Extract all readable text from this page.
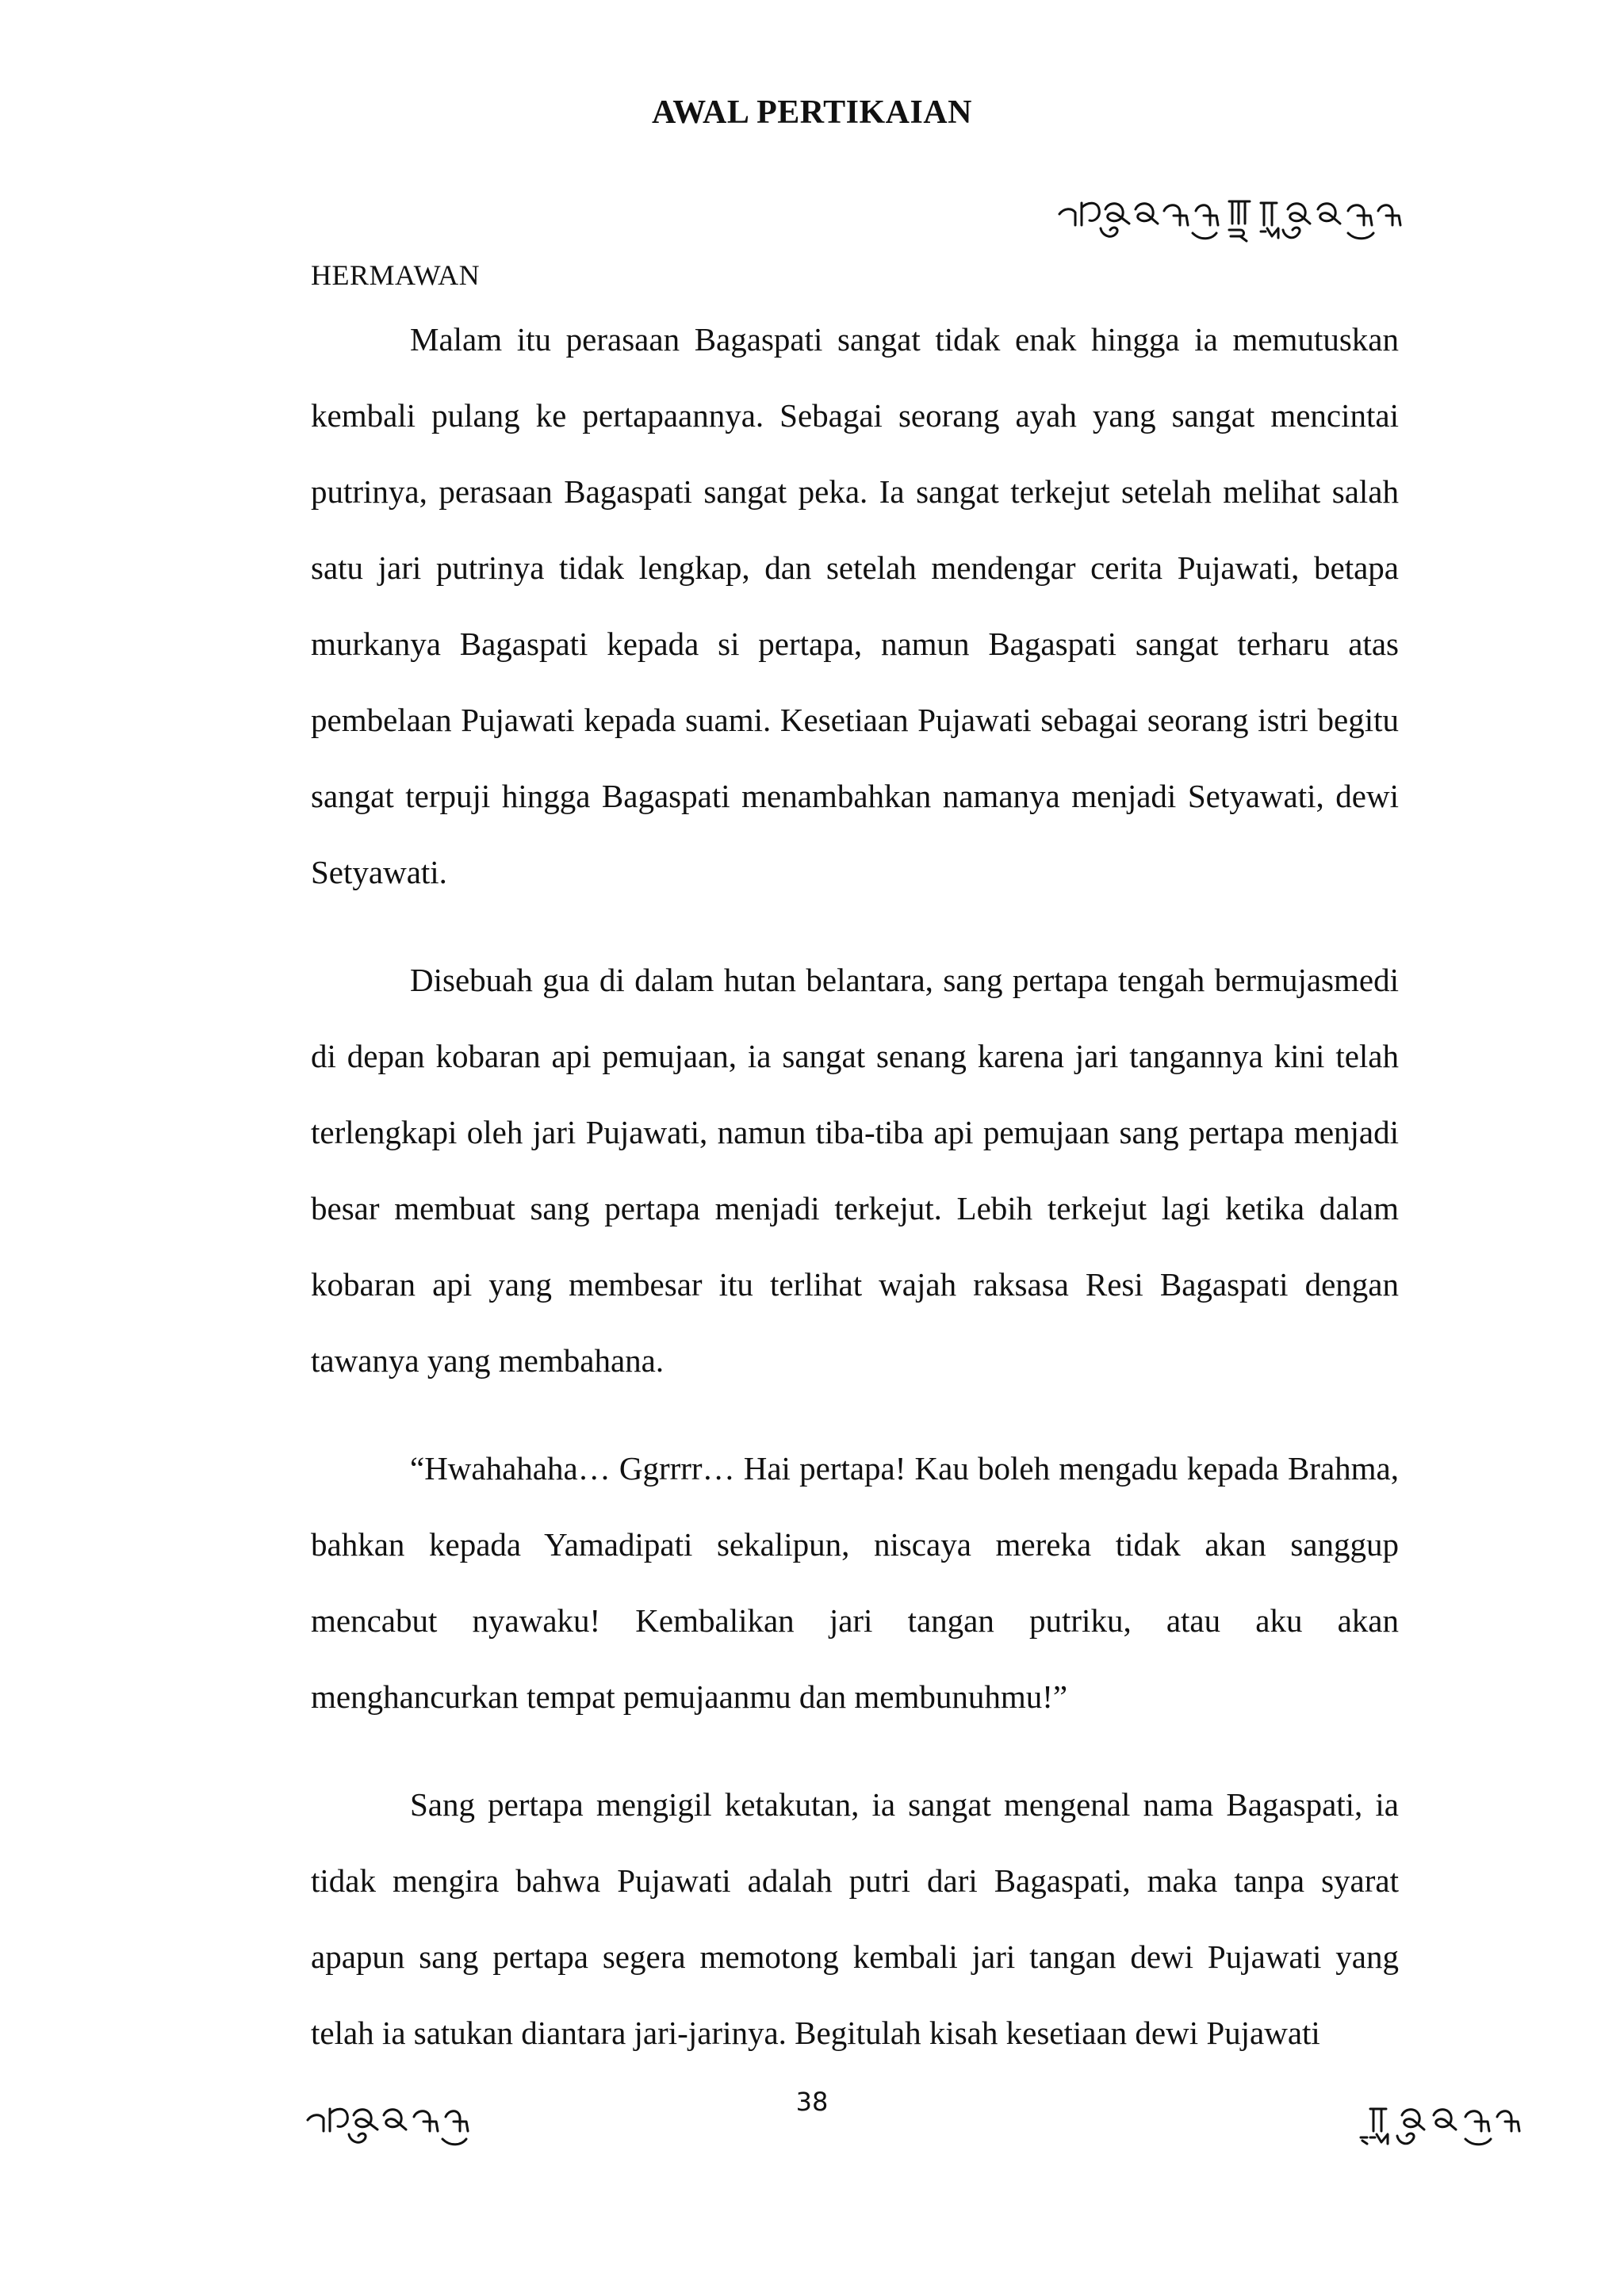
AWAL PERTIKAIAN
HERMAWAN

Malam itu perasaan Bagaspati sangat tidak enak hingga ia memutuskan kembali pulang ke pertapaannya. Sebagai seorang ayah yang sangat mencintai putrinya, perasaan Bagaspati sangat peka. Ia sangat terkejut setelah melihat salah satu jari putrinya tidak lengkap, dan setelah mendengar cerita Pujawati, betapa murkanya Bagaspati kepada si pertapa, namun Bagaspati sangat terharu atas pembelaan Pujawati kepada suami. Kesetiaan Pujawati sebagai seorang istri begitu sangat terpuji hingga Bagaspati menambahkan namanya menjadi Setyawati, dewi Setyawati.

Disebuah gua di dalam hutan belantara, sang pertapa tengah bermujasmedi di depan kobaran api pemujaan, ia sangat senang karena jari tangannya kini telah terlengkapi oleh jari Pujawati, namun tiba-tiba api pemujaan sang pertapa menjadi besar membuat sang pertapa menjadi terkejut. Lebih terkejut lagi ketika dalam kobaran api yang membesar itu terlihat wajah raksasa Resi Bagaspati dengan tawanya yang membahana.

“Hwahahaha… Ggrrrr… Hai pertapa! Kau boleh mengadu kepada Brahma, bahkan kepada Yamadipati sekalipun, niscaya mereka tidak akan sanggup mencabut nyawaku! Kembalikan jari tangan putriku, atau aku akan menghancurkan tempat pemujaanmu dan membunuhmu!”

Sang pertapa mengigil ketakutan, ia sangat mengenal nama Bagaspati, ia tidak mengira bahwa Pujawati adalah putri dari Bagaspati, maka tanpa syarat apapun sang pertapa segera memotong kembali jari tangan dewi Pujawati yang telah ia satukan diantara jari-jarinya. Begitulah kisah kesetiaan dewi Pujawati

38
